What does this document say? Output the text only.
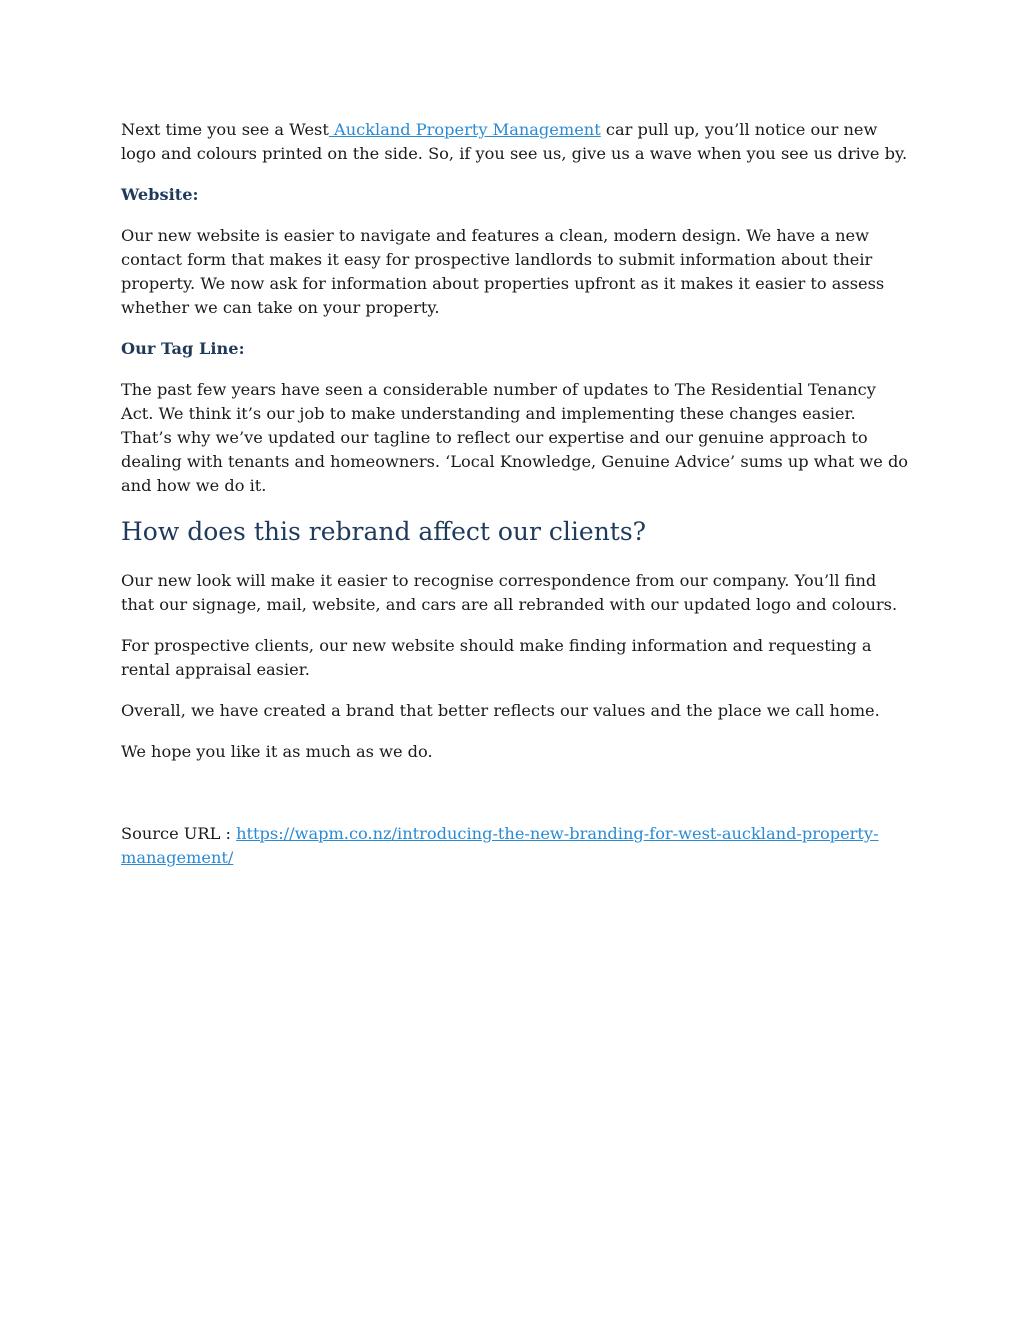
Next time you see a West Auckland Property Management car pull up, you’ll notice our new logo and colours printed on the side. So, if you see us, give us a wave when you see us drive by.

Website:

Our new website is easier to navigate and features a clean, modern design. We have a new contact form that makes it easy for prospective landlords to submit information about their property. We now ask for information about properties upfront as it makes it easier to assess whether we can take on your property.

Our Tag Line:

The past few years have seen a considerable number of updates to The Residential Tenancy Act. We think it’s our job to make understanding and implementing these changes easier. That’s why we’ve updated our tagline to reflect our expertise and our genuine approach to dealing with tenants and homeowners. ‘Local Knowledge, Genuine Advice’ sums up what we do and how we do it.

How does this rebrand affect our clients?

Our new look will make it easier to recognise correspondence from our company. You’ll find that our signage, mail, website, and cars are all rebranded with our updated logo and colours.

For prospective clients, our new website should make finding information and requesting a rental appraisal easier.

Overall, we have created a brand that better reflects our values and the place we call home.

We hope you like it as much as we do.

Source URL : https://wapm.co.nz/introducing-the-new-branding-for-west-auckland-property-management/
